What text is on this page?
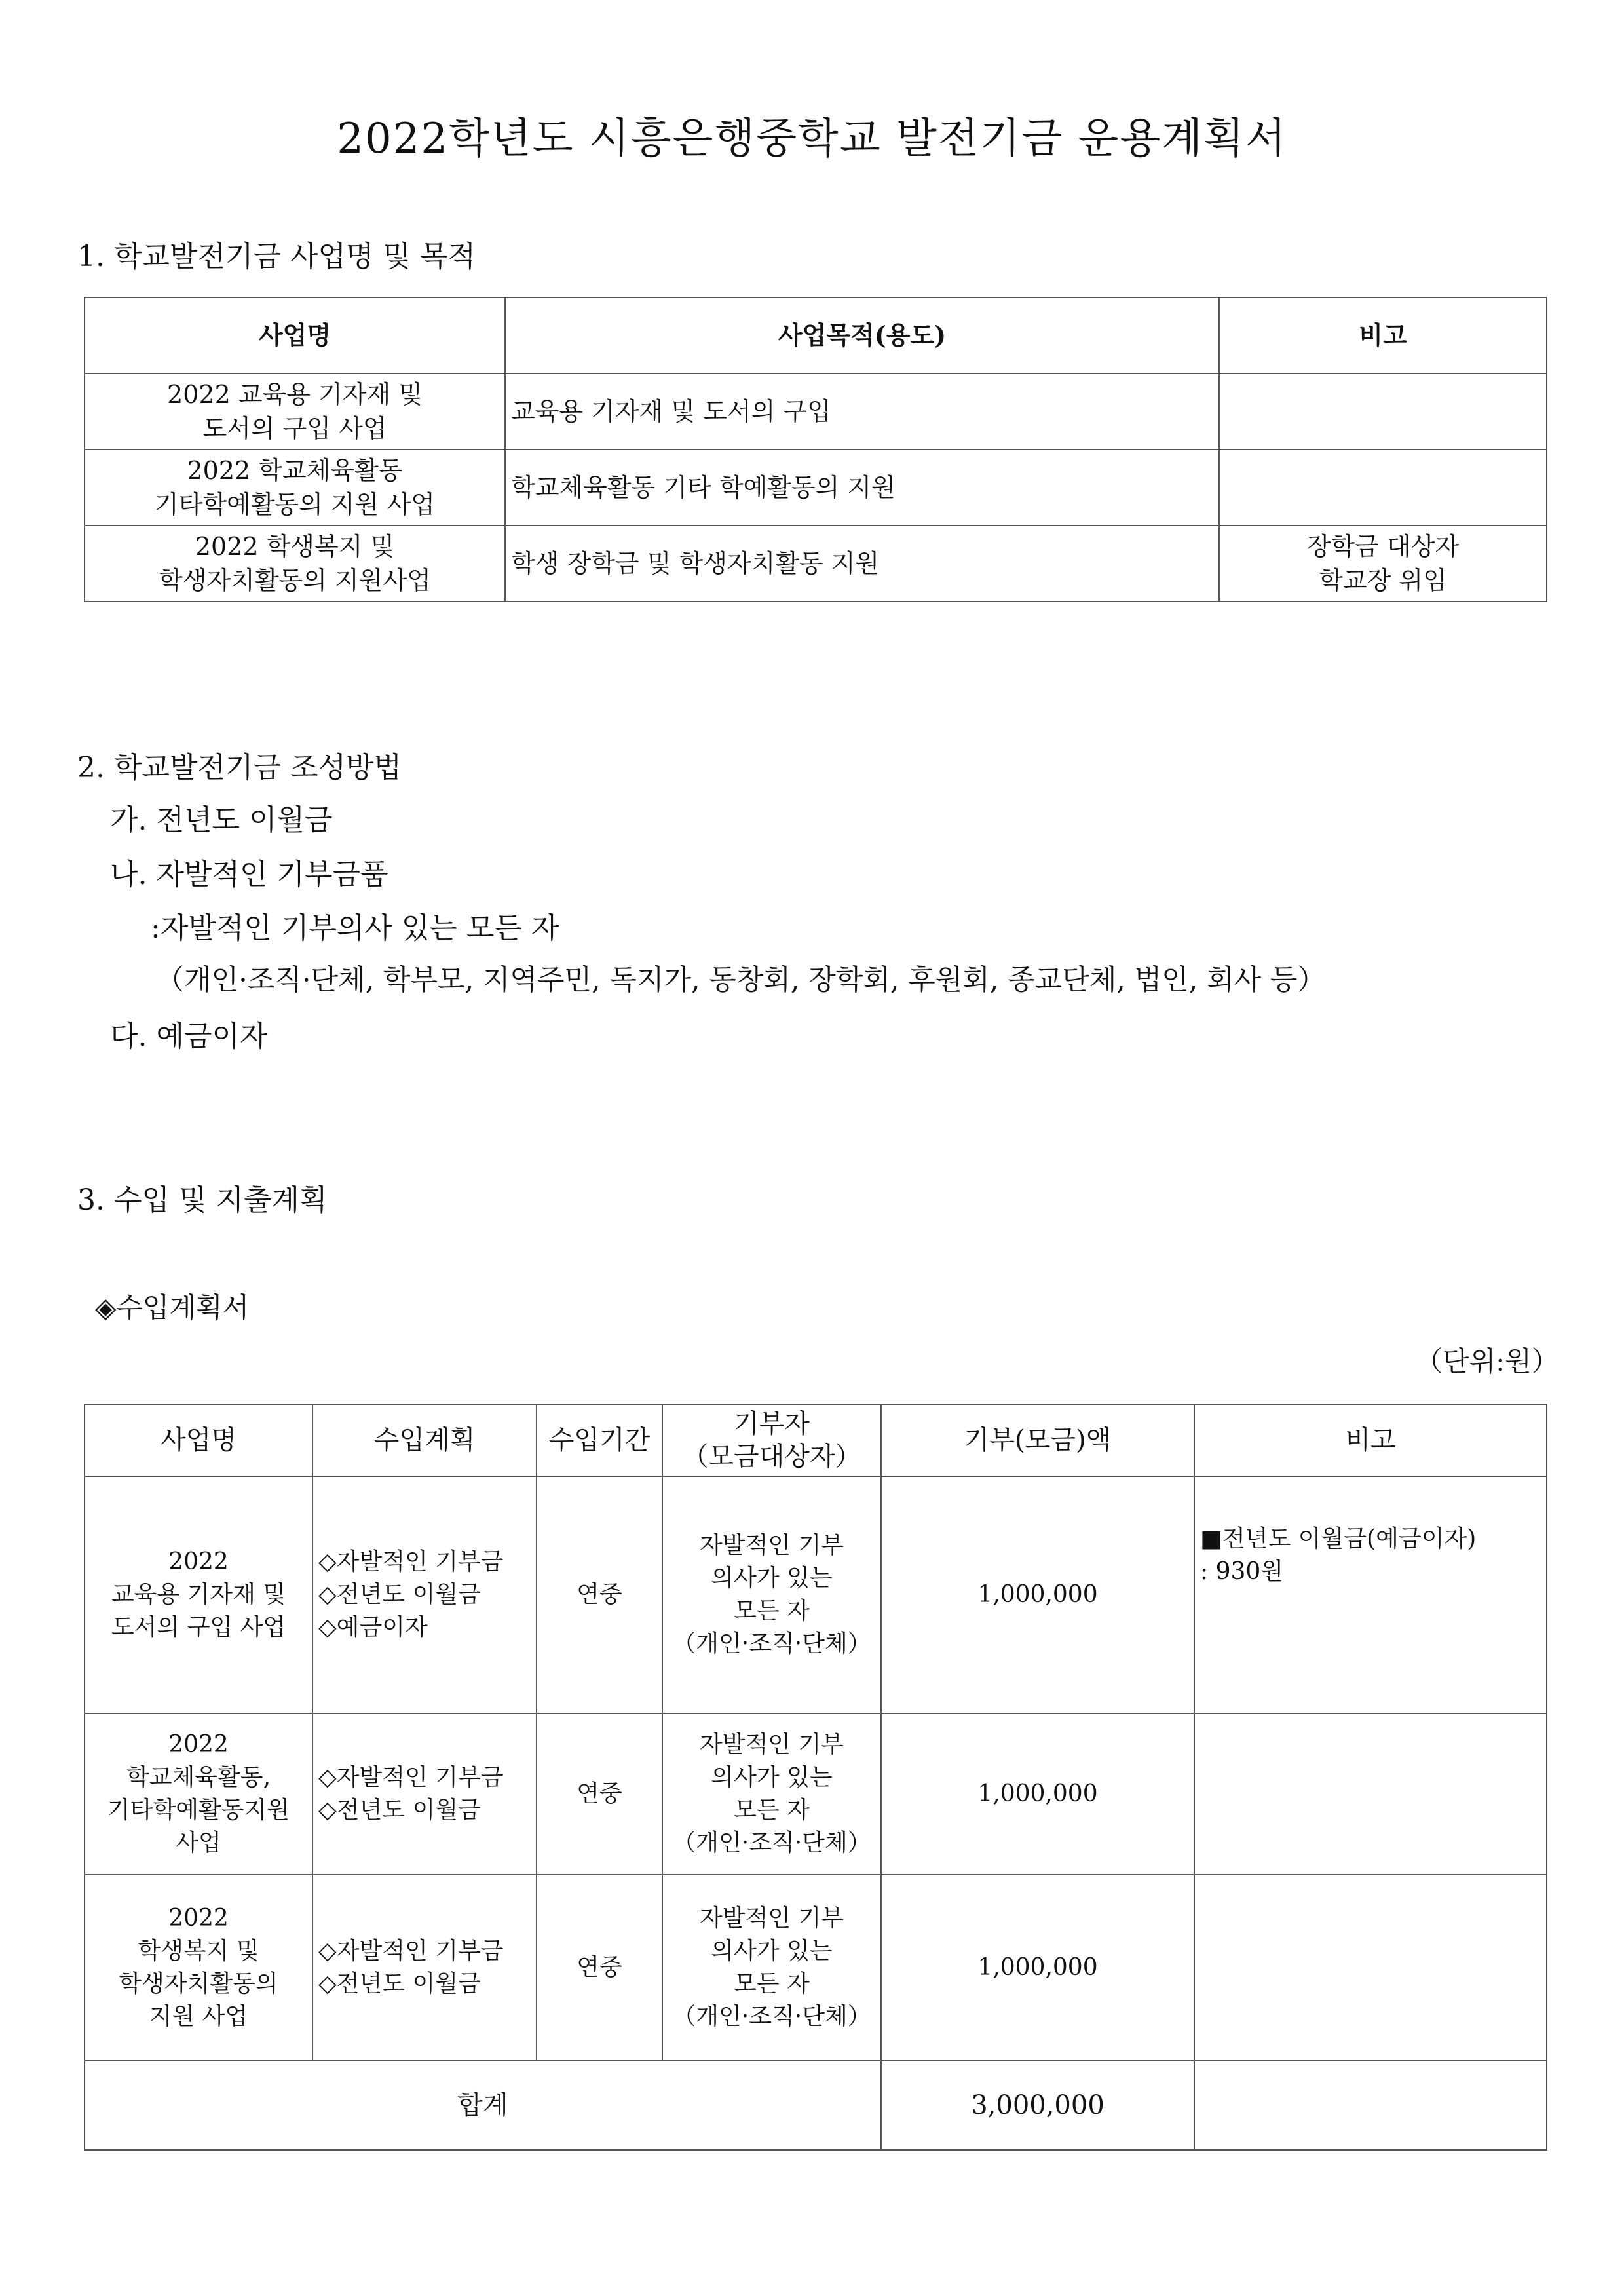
2022학년도 시흥은행중학교 발전기금 운용계획서
1. 학교발전기금 사업명 및 목적
사업명	사업목적(용도)	비고
2022 교육용 기자재 및
도서의 구입 사업	교육용 기자재 및 도서의 구입	
2022 학교체육활동
기타학예활동의 지원 사업	학교체육활동 기타 학예활동의 지원	
2022 학생복지 및
학생자치활동의 지원사업	학생 장학금 및 학생자치활동 지원	장학금 대상자
학교장 위임
2. 학교발전기금 조성방법
가. 전년도 이월금
나. 자발적인 기부금품
:자발적인 기부의사 있는 모든 자
（개인·조직·단체, 학부모, 지역주민, 독지가, 동창회, 장학회, 후원회, 종교단체, 법인, 회사 등）
다. 예금이자
3. 수입 및 지출계획
◈수입계획서
（단위:원）
사업명	수입계획	수입기간	기부자
（모금대상자）	기부(모금)액	비고
2022
교육용 기자재 및
도서의 구입 사업	◇자발적인 기부금
◇전년도 이월금
◇예금이자	연중	자발적인 기부
의사가 있는
모든 자
（개인·조직·단체）	1,000,000	■전년도 이월금(예금이자)
: 930원
2022
학교체육활동,
기타학예활동지원
사업	◇자발적인 기부금
◇전년도 이월금	연중	자발적인 기부
의사가 있는
모든 자
（개인·조직·단체）	1,000,000	
2022
학생복지 및
학생자치활동의
지원 사업	◇자발적인 기부금
◇전년도 이월금	연중	자발적인 기부
의사가 있는
모든 자
（개인·조직·단체）	1,000,000	
합계				3,000,000	
